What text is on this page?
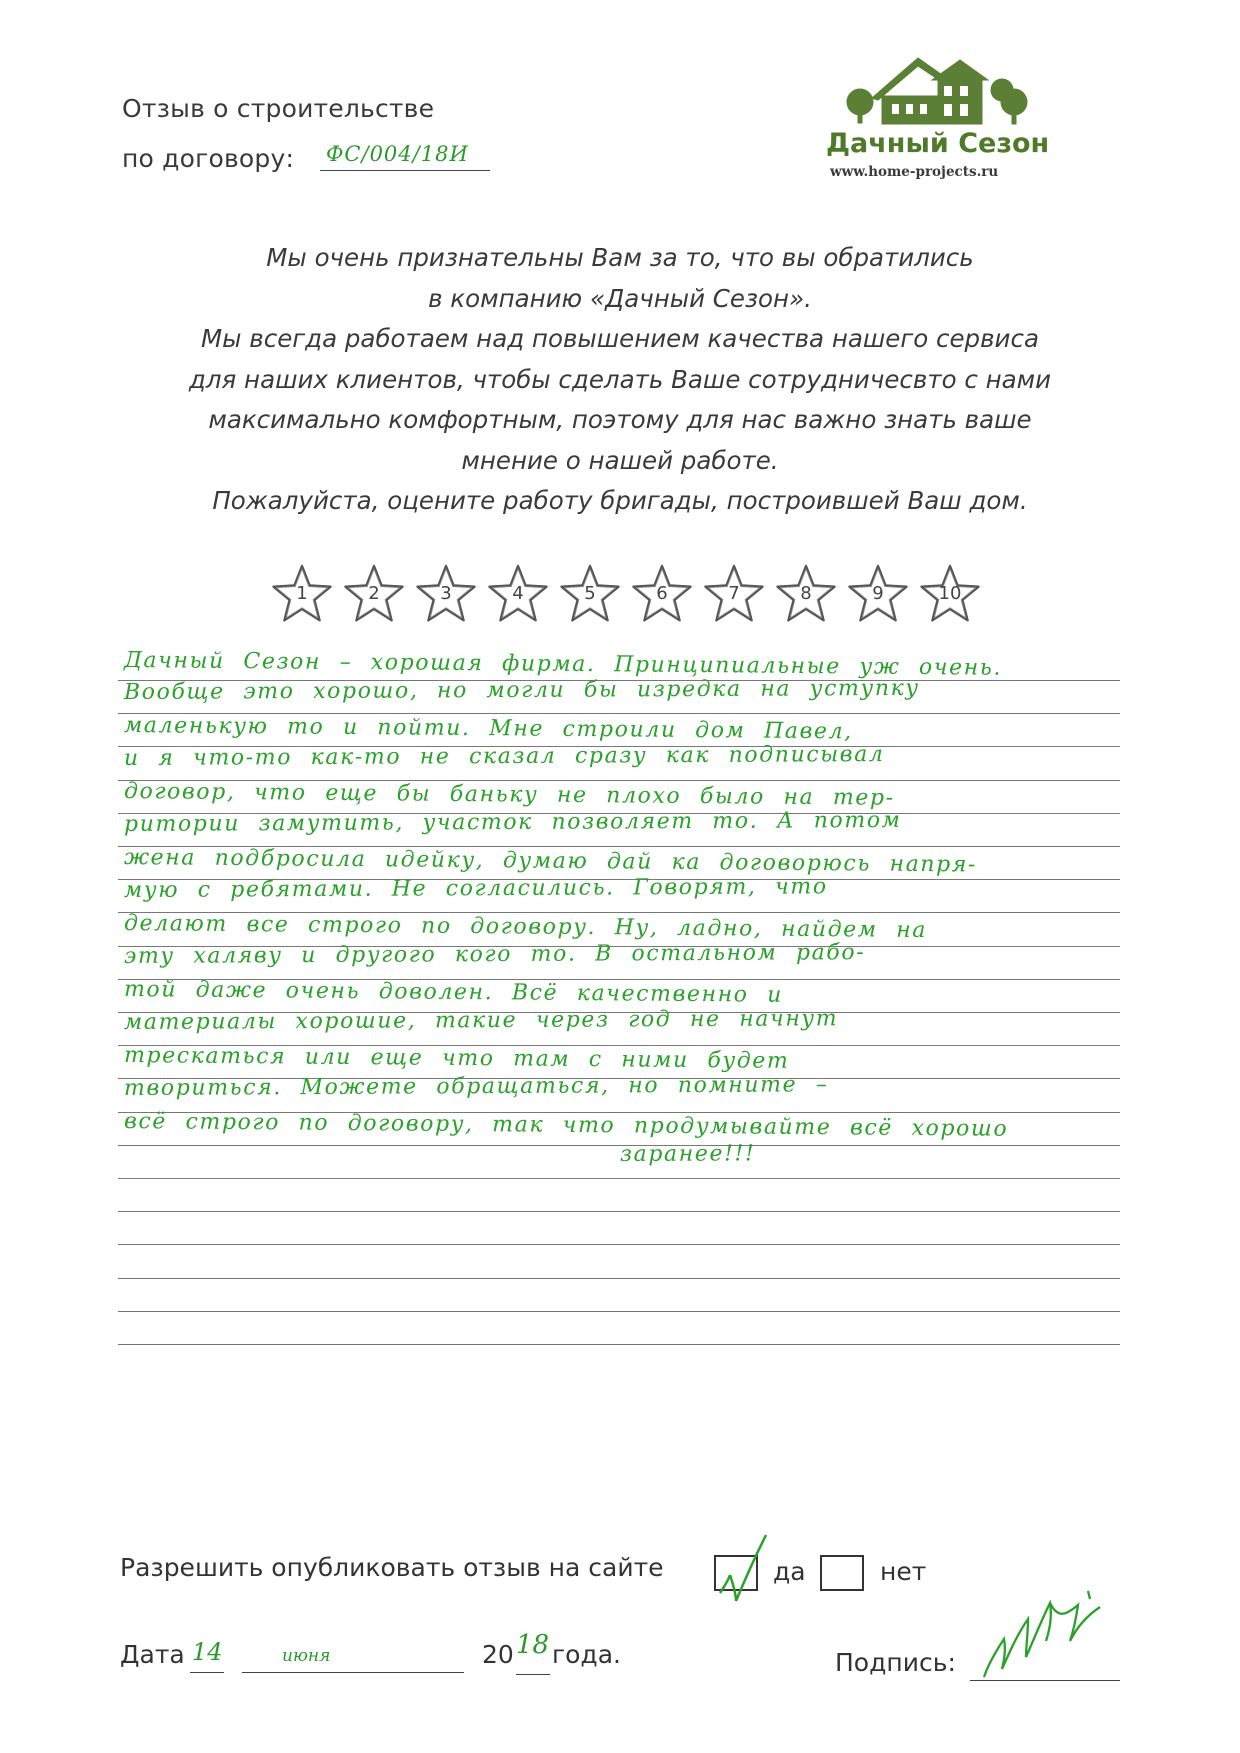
Отзыв о строительстве
по договору: ФС/004/18И	Дачный Сезон
www.home-projects.ru

Мы очень признательны Вам за то, что вы обратились

в компанию «Дачный Сезон».

Мы всегда работаем над повышением качества нашего сервиса

для наших клиентов, чтобы сделать Ваше сотрудничесвто с нами

максимально комфортным, поэтому для нас важно знать ваше

мнение о нашей работе.

Пожалуйста, оцените работу бригады, построившей Ваш дом.

1	2	3	4	5	6	7	8	9	10
Дачный Сезон – хорошая фирма. Принципиальные уж очень.
Вообще это хорошо, но могли бы изредка на уступку
маленькую то и пойти. Мне строили дом Павел,
и я что-то как-то не сказал сразу как подписывал
договор, что еще бы баньку не плохо было на тер-
ритории замутить, участок позволяет то. А потом
жена подбросила идейку, думаю дай ка договорюсь напря-
мую с ребятами. Не согласились. Говорят, что
делают все строго по договору. Ну, ладно, найдем на
эту халяву и другого кого то. В остальном рабо-
той даже очень доволен. Всё качественно и
материалы хорошие, такие через год не начнут
трескаться или еще что там с ними будет
твориться. Можете обращаться, но помните –
всё строго по договору, так что продумывайте всё хорошо
заранее!!!
Разрешить опубликовать отзыв на сайте	да	нет
Дата 14	июня	20 18 года.	Подпись:
